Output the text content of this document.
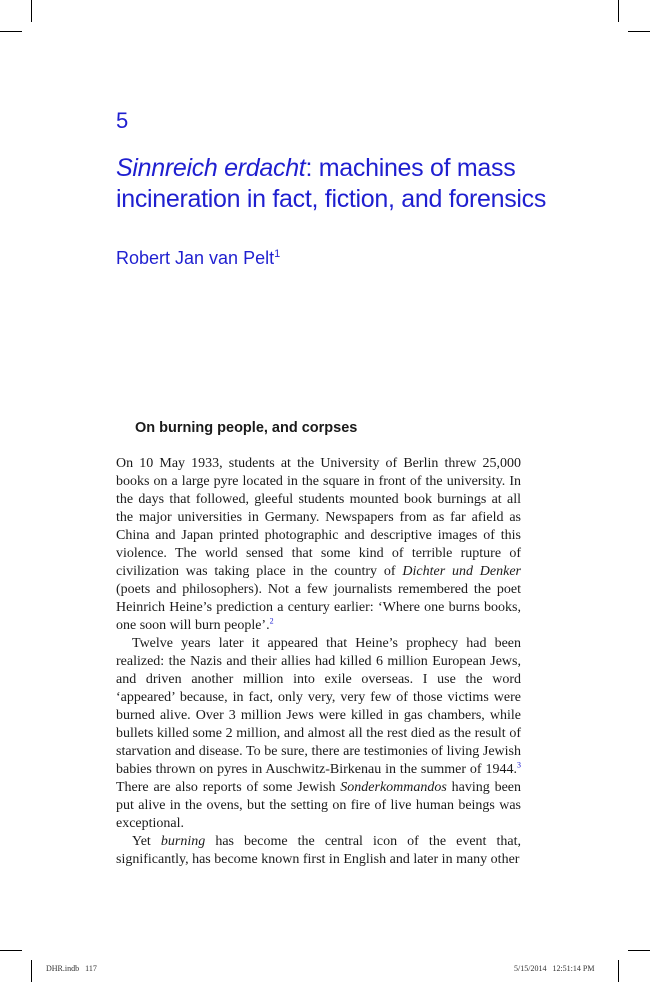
5
Sinnreich erdacht: machines of mass incineration in fact, fiction, and forensics
Robert Jan van Pelt$^1$
On burning people, and corpses

On 10 May 1933, students at the University of Berlin threw 25,000 books on a large pyre located in the square in front of the university. In the days that followed, gleeful students mounted book burnings at all the major universities in Germany. Newspapers from as far afield as China and Japan printed photographic and descriptive images of this violence. The world sensed that some kind of terrible rupture of civilization was taking place in the country of Dichter und Denker (poets and philosophers). Not a few journalists remembered the poet Heinrich Heine’s prediction a century earlier: ‘Where one burns books, one soon will burn people’.$^2$

Twelve years later it appeared that Heine’s prophecy had been realized: the Nazis and their allies had killed 6 million European Jews, and driven another million into exile overseas. I use the word ‘appeared’ because, in fact, only very, very few of those victims were burned alive. Over 3 million Jews were killed in gas chambers, while bullets killed some 2 million, and almost all the rest died as the result of starvation and disease. To be sure, there are testimonies of living Jewish babies thrown on pyres in Auschwitz-Birkenau in the summer of 1944.$^3$ There are also reports of some Jewish Sonderkommandos having been put alive in the ovens, but the setting on fire of live human beings was exceptional.

Yet burning has become the central icon of the event that, significantly, has become known first in English and later in many other

DHR.indb   117	5/15/2014   12:51:14 PM
